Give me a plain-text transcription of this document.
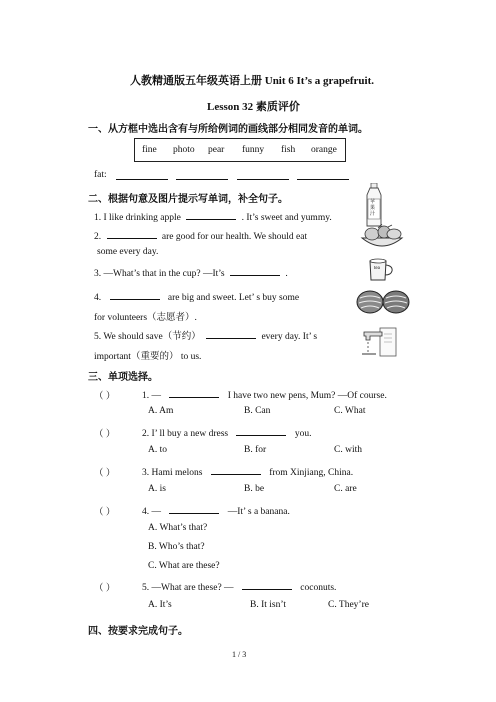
人教精通版五年级英语上册 Unit 6 It’s a grapefruit.
Lesson 32 素质评价
一、从方框中选出含有与所给例词的画线部分相同发音的单词。
fine photo pear funny fish orange
fat:

二、根据句意及图片提示写单词，补全句子。
1. I like drinking apple	. It’s sweet and yummy.
2.	are good for our health. We should eat
some every day.
3. —What’s that in the cup? —It’s	.
4.	are big and sweet. Let’ s buy some
for volunteers（志愿者）.
5. We should save（节约）	every day. It’ s
important（重要的） to us.
苹果汁
tea
三、单项选择。
（ ）	1. —	I have two new pens, Mum? —Of course.
A. Am	B. Can	C. What
（ ）	2. I’ ll buy a new dress	you.
A. to	B. for	C. with
（ ）	3. Hami melons	from Xinjiang, China.
A. is	B. be	C. are
（ ）	4. —	—It’ s a banana.
A. What’s that?
B. Who’s that?
C. What are these?
（ ）	5. —What are these? —	coconuts.
A. It’s	B. It isn’t	C. They’re
四、按要求完成句子。
1 / 3
